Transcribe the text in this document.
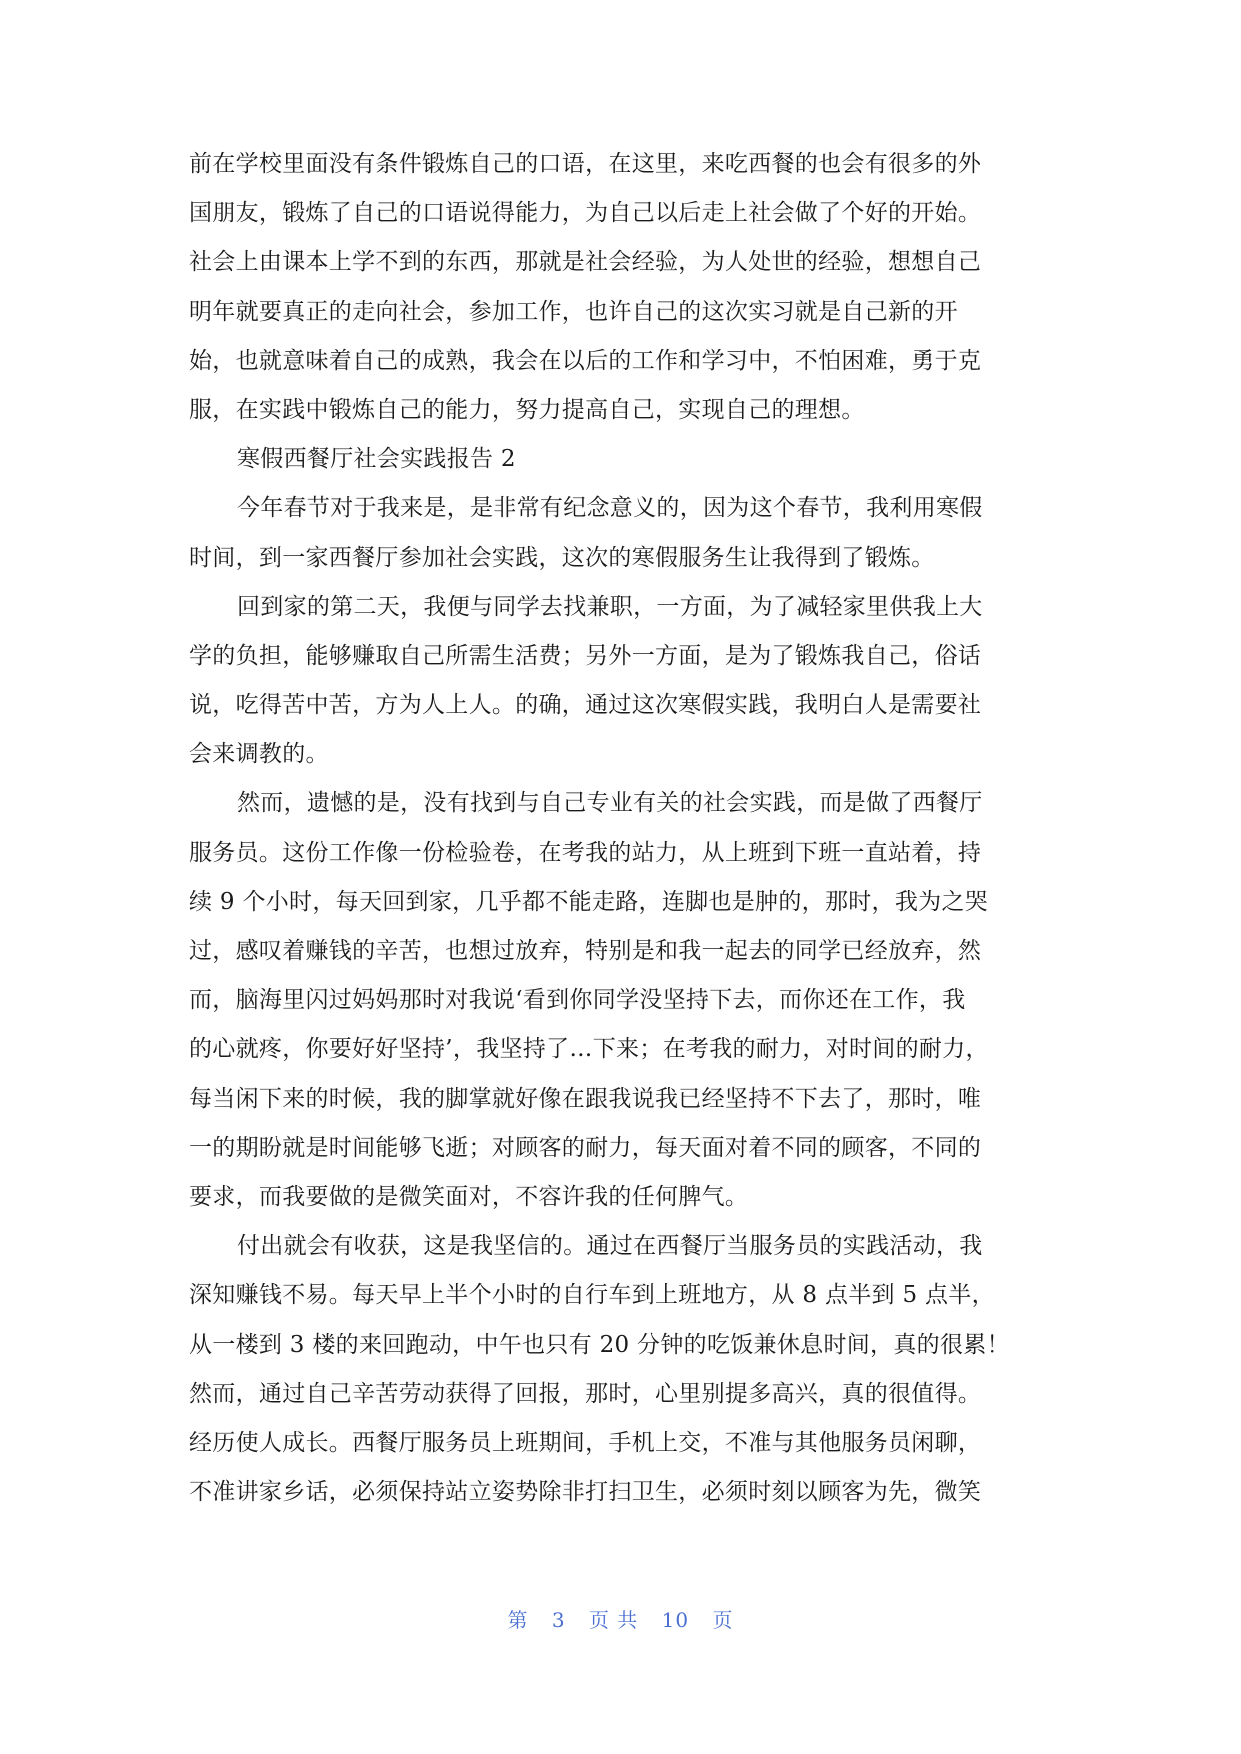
前在学校里面没有条件锻炼自己的口语，在这里，来吃西餐的也会有很多的外
国朋友，锻炼了自己的口语说得能力，为自己以后走上社会做了个好的开始。
社会上由课本上学不到的东西，那就是社会经验，为人处世的经验，想想自己
明年就要真正的走向社会，参加工作，也许自己的这次实习就是自己新的开
始，也就意味着自己的成熟，我会在以后的工作和学习中，不怕困难，勇于克
服，在实践中锻炼自己的能力，努力提高自己，实现自己的理想。
寒假西餐厅社会实践报告 2
今年春节对于我来是，是非常有纪念意义的，因为这个春节，我利用寒假
时间，到一家西餐厅参加社会实践，这次的寒假服务生让我得到了锻炼。
回到家的第二天，我便与同学去找兼职，一方面，为了减轻家里供我上大
学的负担，能够赚取自己所需生活费；另外一方面，是为了锻炼我自己，俗话
说，吃得苦中苦，方为人上人。的确，通过这次寒假实践，我明白人是需要社
会来调教的。
然而，遗憾的是，没有找到与自己专业有关的社会实践，而是做了西餐厅
服务员。这份工作像一份检验卷，在考我的站力，从上班到下班一直站着，持
续 9 个小时，每天回到家，几乎都不能走路，连脚也是肿的，那时，我为之哭
过，感叹着赚钱的辛苦，也想过放弃，特别是和我一起去的同学已经放弃，然
而，脑海里闪过妈妈那时对我说‘看到你同学没坚持下去，而你还在工作，我
的心就疼，你要好好坚持’，我坚持了…下来；在考我的耐力，对时间的耐力，
每当闲下来的时候，我的脚掌就好像在跟我说我已经坚持不下去了，那时，唯
一的期盼就是时间能够飞逝；对顾客的耐力，每天面对着不同的顾客，不同的
要求，而我要做的是微笑面对，不容许我的任何脾气。
付出就会有收获，这是我坚信的。通过在西餐厅当服务员的实践活动，我
深知赚钱不易。每天早上半个小时的自行车到上班地方，从 8 点半到 5 点半，
从一楼到 3 楼的来回跑动，中午也只有 20 分钟的吃饭兼休息时间，真的很累！
然而，通过自己辛苦劳动获得了回报，那时，心里别提多高兴，真的很值得。
经历使人成长。西餐厅服务员上班期间，手机上交，不准与其他服务员闲聊，
不准讲家乡话，必须保持站立姿势除非打扫卫生，必须时刻以顾客为先，微笑
第 3 页 共 10 页
